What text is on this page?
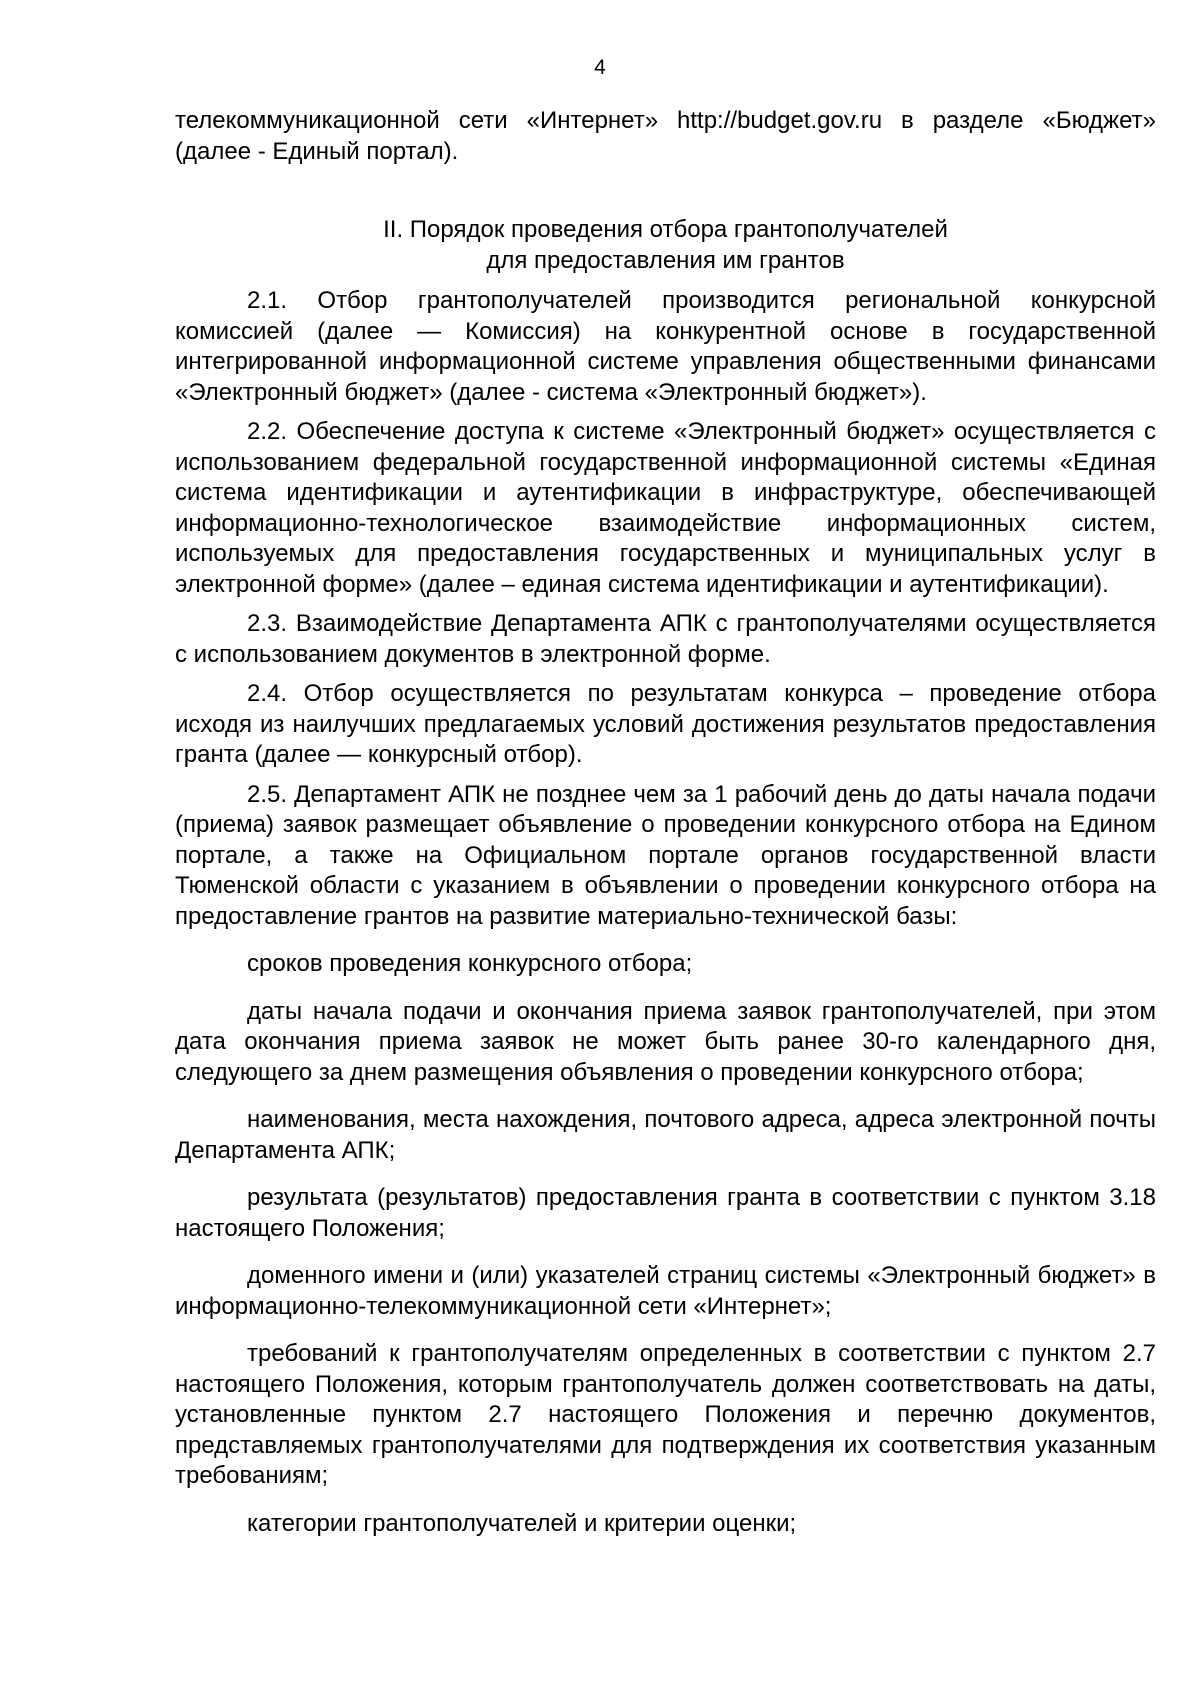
4

телекоммуникационной сети «Интернет» http://budget.gov.ru в разделе «Бюджет» (далее - Единый портал).

II. Порядок проведения отбора грантополучателей
для предоставления им грантов

2.1. Отбор грантополучателей производится региональной конкурсной комиссией (далее — Комиссия) на конкурентной основе в государственной интегрированной информационной системе управления общественными финансами «Электронный бюджет» (далее - система «Электронный бюджет»).

2.2. Обеспечение доступа к системе «Электронный бюджет» осуществляется с использованием федеральной государственной информационной системы «Единая система идентификации и аутентификации в инфраструктуре, обеспечивающей информационно-технологическое взаимодействие информационных систем, используемых для предоставления государственных и муниципальных услуг в электронной форме» (далее – единая система идентификации и аутентификации).

2.3. Взаимодействие Департамента АПК с грантополучателями осуществляется с использованием документов в электронной форме.

2.4. Отбор осуществляется по результатам конкурса – проведение отбора исходя из наилучших предлагаемых условий достижения результатов предоставления гранта (далее — конкурсный отбор).

2.5. Департамент АПК не позднее чем за 1 рабочий день до даты начала подачи (приема) заявок размещает объявление о проведении конкурсного отбора на Едином портале, а также на Официальном портале органов государственной власти Тюменской области с указанием в объявлении о проведении конкурсного отбора на предоставление грантов на развитие материально-технической базы:

сроков проведения конкурсного отбора;

даты начала подачи и окончания приема заявок грантополучателей, при этом дата окончания приема заявок не может быть ранее 30-го календарного дня, следующего за днем размещения объявления о проведении конкурсного отбора;

наименования, места нахождения, почтового адреса, адреса электронной почты Департамента АПК;

результата (результатов) предоставления гранта в соответствии с пунктом 3.18 настоящего Положения;

доменного имени и (или) указателей страниц системы «Электронный бюджет» в информационно-телекоммуникационной сети «Интернет»;

требований к грантополучателям определенных в соответствии с пунктом 2.7 настоящего Положения, которым грантополучатель должен соответствовать на даты, установленные пунктом 2.7 настоящего Положения и перечню документов, представляемых грантополучателями для подтверждения их соответствия указанным требованиям;

категории грантополучателей и критерии оценки;
